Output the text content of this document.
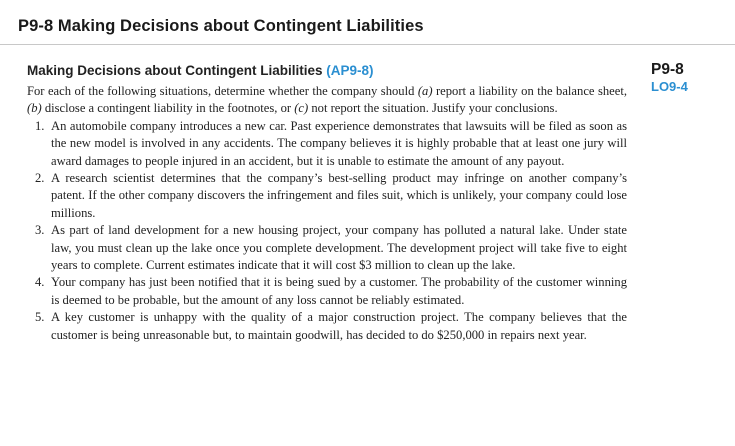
P9-8 Making Decisions about Contingent Liabilities
Making Decisions about Contingent Liabilities (AP9-8)	P9-8
LO9-4

For each of the following situations, determine whether the company should (a) report a liability on the balance sheet, (b) disclose a contingent liability in the footnotes, or (c) not report the situation. Justify your conclusions.

1. An automobile company introduces a new car. Past experience demonstrates that lawsuits will be filed as soon as the new model is involved in any accidents. The company believes it is highly probable that at least one jury will award damages to people injured in an accident, but it is unable to estimate the amount of any payout.
2. A research scientist determines that the company’s best-selling product may infringe on another company’s patent. If the other company discovers the infringement and files suit, which is unlikely, your company could lose millions.
3. As part of land development for a new housing project, your company has polluted a natural lake. Under state law, you must clean up the lake once you complete development. The development project will take five to eight years to complete. Current estimates indicate that it will cost $3 million to clean up the lake.
4. Your company has just been notified that it is being sued by a customer. The probability of the customer winning is deemed to be probable, but the amount of any loss cannot be reliably estimated.
5. A key customer is unhappy with the quality of a major construction project. The company believes that the customer is being unreasonable but, to maintain goodwill, has decided to do $250,000 in repairs next year.
